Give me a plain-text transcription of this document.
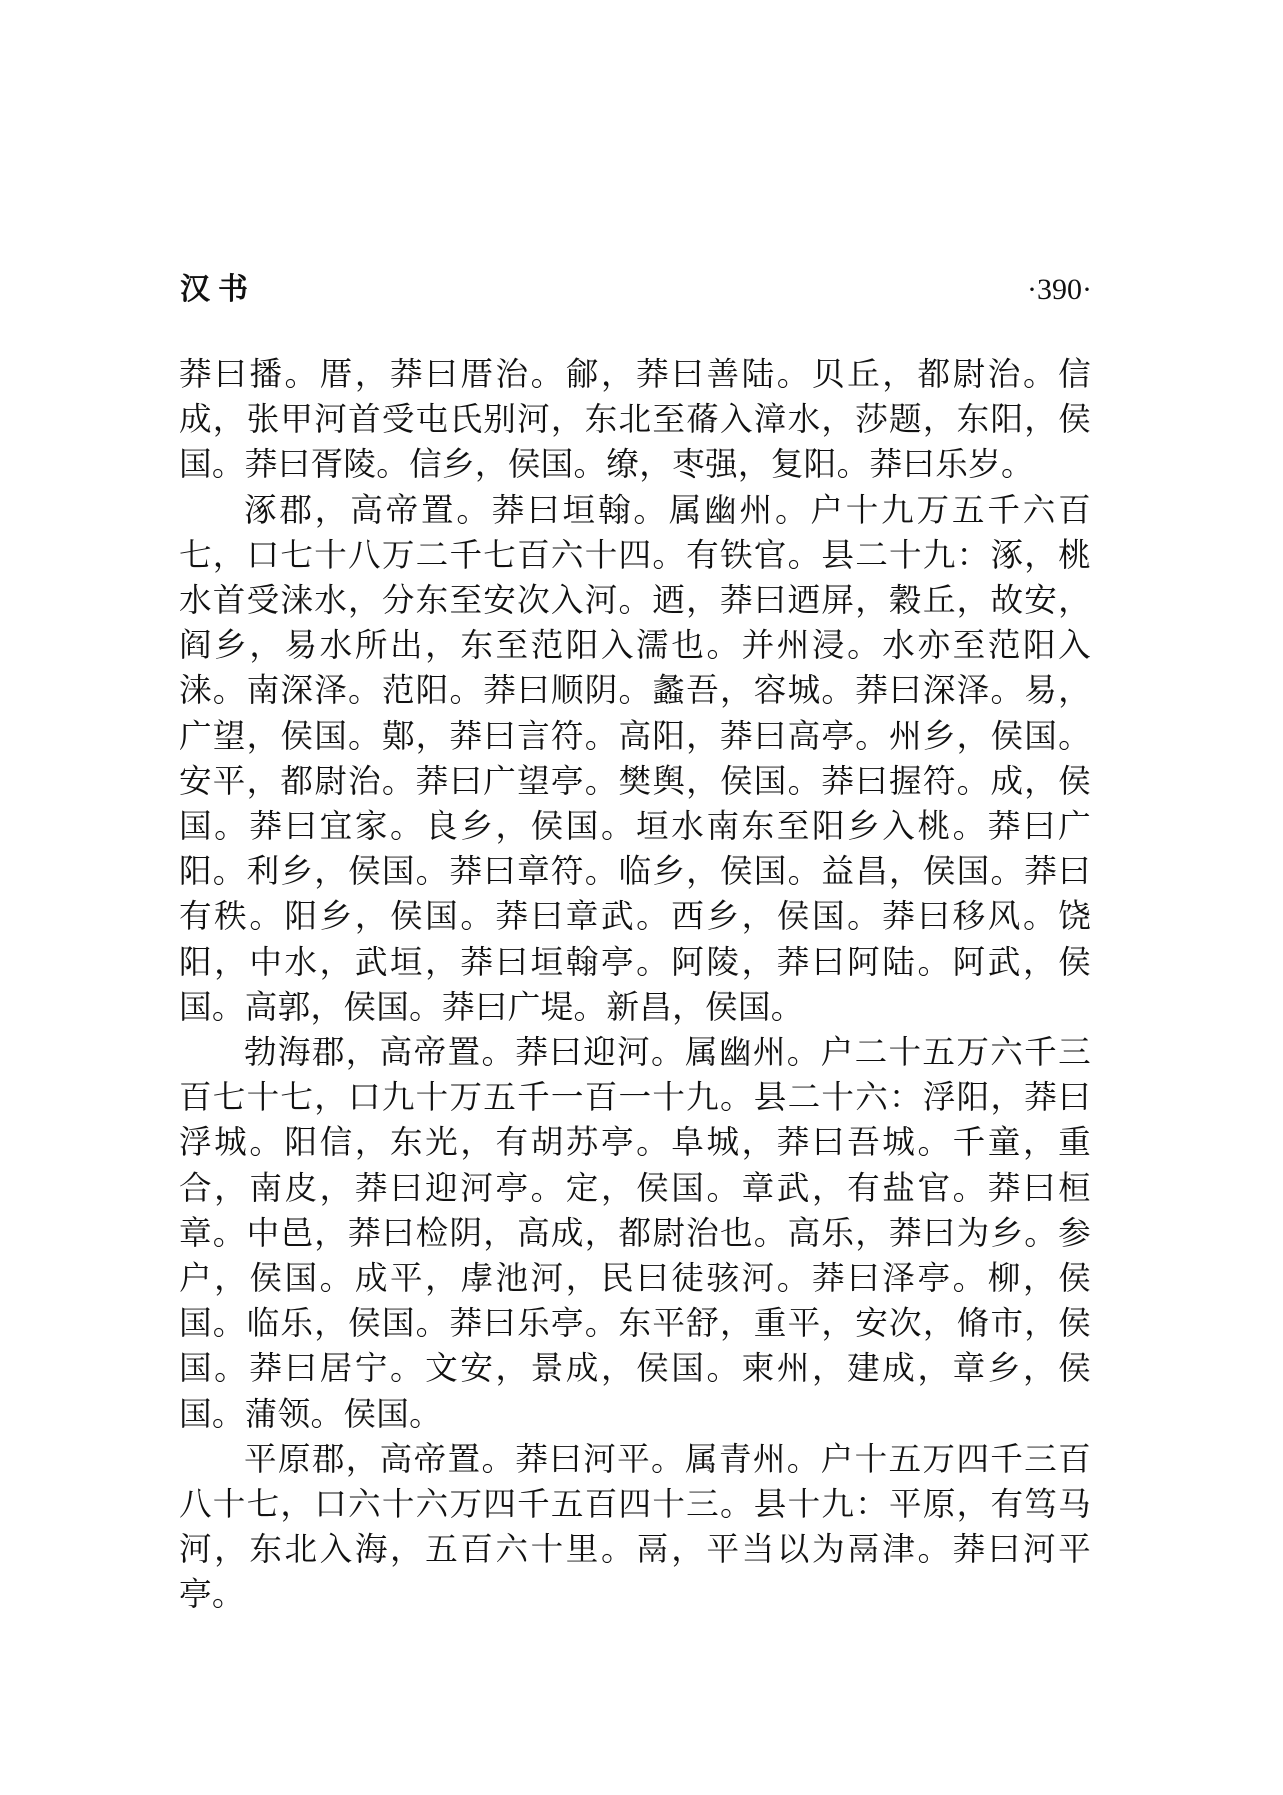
汉书	·390·

莽曰播。厝，莽曰厝治。鄃，莽曰善陆。贝丘，都尉治。信成，张甲河首受屯氏别河，东北至蓨入漳水，莎题，东阳，侯国。莽曰胥陵。信乡，侯国。缭，枣强，复阳。莽曰乐岁。

涿郡，高帝置。莽曰垣翰。属幽州。户十九万五千六百七，口七十八万二千七百六十四。有铁官。县二十九：涿，桃水首受涞水，分东至安次入河。迺，莽曰迺屏，穀丘，故安，阎乡，易水所出，东至范阳入濡也。并州浸。水亦至范阳入涞。南深泽。范阳。莽曰顺阴。蠡吾，容城。莽曰深泽。易，广望，侯国。鄚，莽曰言符。高阳，莽曰高亭。州乡，侯国。安平，都尉治。莽曰广望亭。樊舆，侯国。莽曰握符。成，侯国。莽曰宜家。良乡，侯国。垣水南东至阳乡入桃。莽曰广阳。利乡，侯国。莽曰章符。临乡，侯国。益昌，侯国。莽曰有秩。阳乡，侯国。莽曰章武。西乡，侯国。莽曰移风。饶阳，中水，武垣，莽曰垣翰亭。阿陵，莽曰阿陆。阿武，侯国。高郭，侯国。莽曰广堤。新昌，侯国。

勃海郡，高帝置。莽曰迎河。属幽州。户二十五万六千三百七十七，口九十万五千一百一十九。县二十六：浮阳，莽曰浮城。阳信，东光，有胡苏亭。阜城，莽曰吾城。千童，重合，南皮，莽曰迎河亭。定，侯国。章武，有盐官。莽曰桓章。中邑，莽曰检阴，高成，都尉治也。高乐，莽曰为乡。参户，侯国。成平，虖池河，民曰徒骇河。莽曰泽亭。柳，侯国。临乐，侯国。莽曰乐亭。东平舒，重平，安次，脩市，侯国。莽曰居宁。文安，景成，侯国。柬州，建成，章乡，侯国。蒲领。侯国。

平原郡，高帝置。莽曰河平。属青州。户十五万四千三百八十七，口六十六万四千五百四十三。县十九：平原，有笃马河，东北入海，五百六十里。鬲，平当以为鬲津。莽曰河平亭。
